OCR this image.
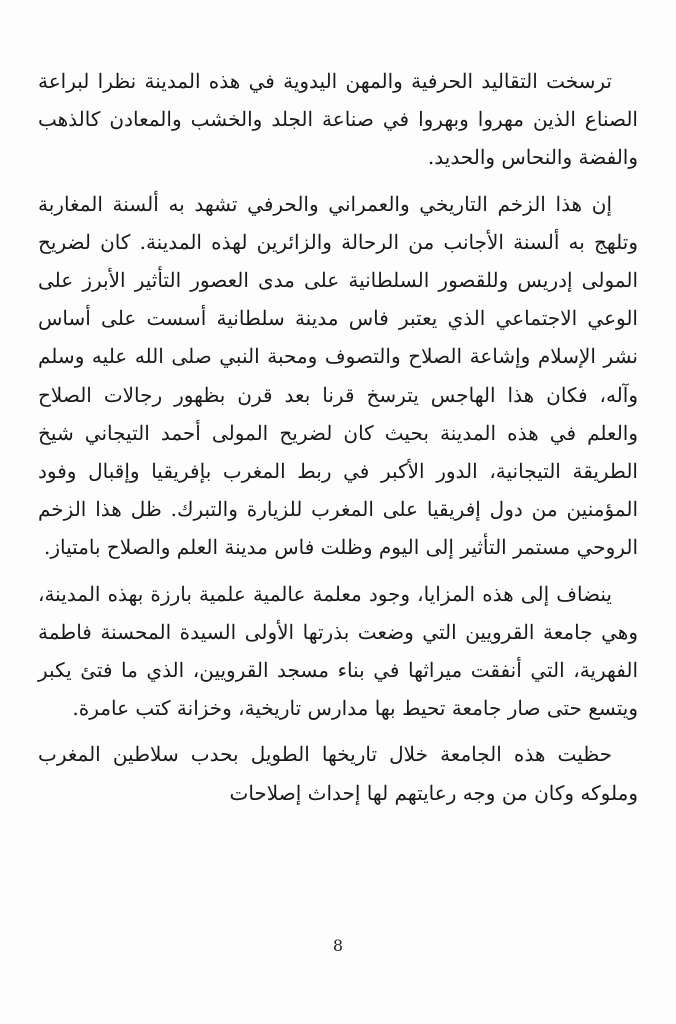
ترسخت التقاليد الحرفية والمهن اليدوية في هذه المدينة نظرا لبراعة الصناع الذين مهروا وبهروا في صناعة الجلد والخشب والمعادن كالذهب والفضة والنحاس والحديد.

إن هذا الزخم التاريخي والعمراني والحرفي تشهد به ألسنة المغاربة وتلهج به ألسنة الأجانب من الرحالة والزائرين لهذه المدينة. كان لضريح المولى إدريس وللقصور السلطانية على مدى العصور التأثير الأبرز على الوعي الاجتماعي الذي يعتبر فاس مدينة سلطانية أسست على أساس نشر الإسلام وإشاعة الصلاح والتصوف ومحبة النبي صلى الله عليه وسلم وآله، فكان هذا الهاجس يترسخ قرنا بعد قرن بظهور رجالات الصلاح والعلم في هذه المدينة بحيث كان لضريح المولى أحمد التيجاني شيخ الطريقة التيجانية، الدور الأكبر في ربط المغرب بإفريقيا وإقبال وفود المؤمنين من دول إفريقيا على المغرب للزيارة والتبرك. ظل هذا الزخم الروحي مستمر التأثير إلى اليوم وظلت فاس مدينة العلم والصلاح بامتياز.

ينضاف إلى هذه المزايا، وجود معلمة عالمية علمية بارزة بهذه المدينة، وهي جامعة القرويين التي وضعت بذرتها الأولى السيدة المحسنة فاطمة الفهرية، التي أنفقت ميراثها في بناء مسجد القرويين، الذي ما فتئ يكبر ويتسع حتى صار جامعة تحيط بها مدارس تاريخية، وخزانة كتب عامرة.

حظيت هذه الجامعة خلال تاريخها الطويل بحدب سلاطين المغرب وملوكه وكان من وجه رعايتهم لها إحداث إصلاحات

8
